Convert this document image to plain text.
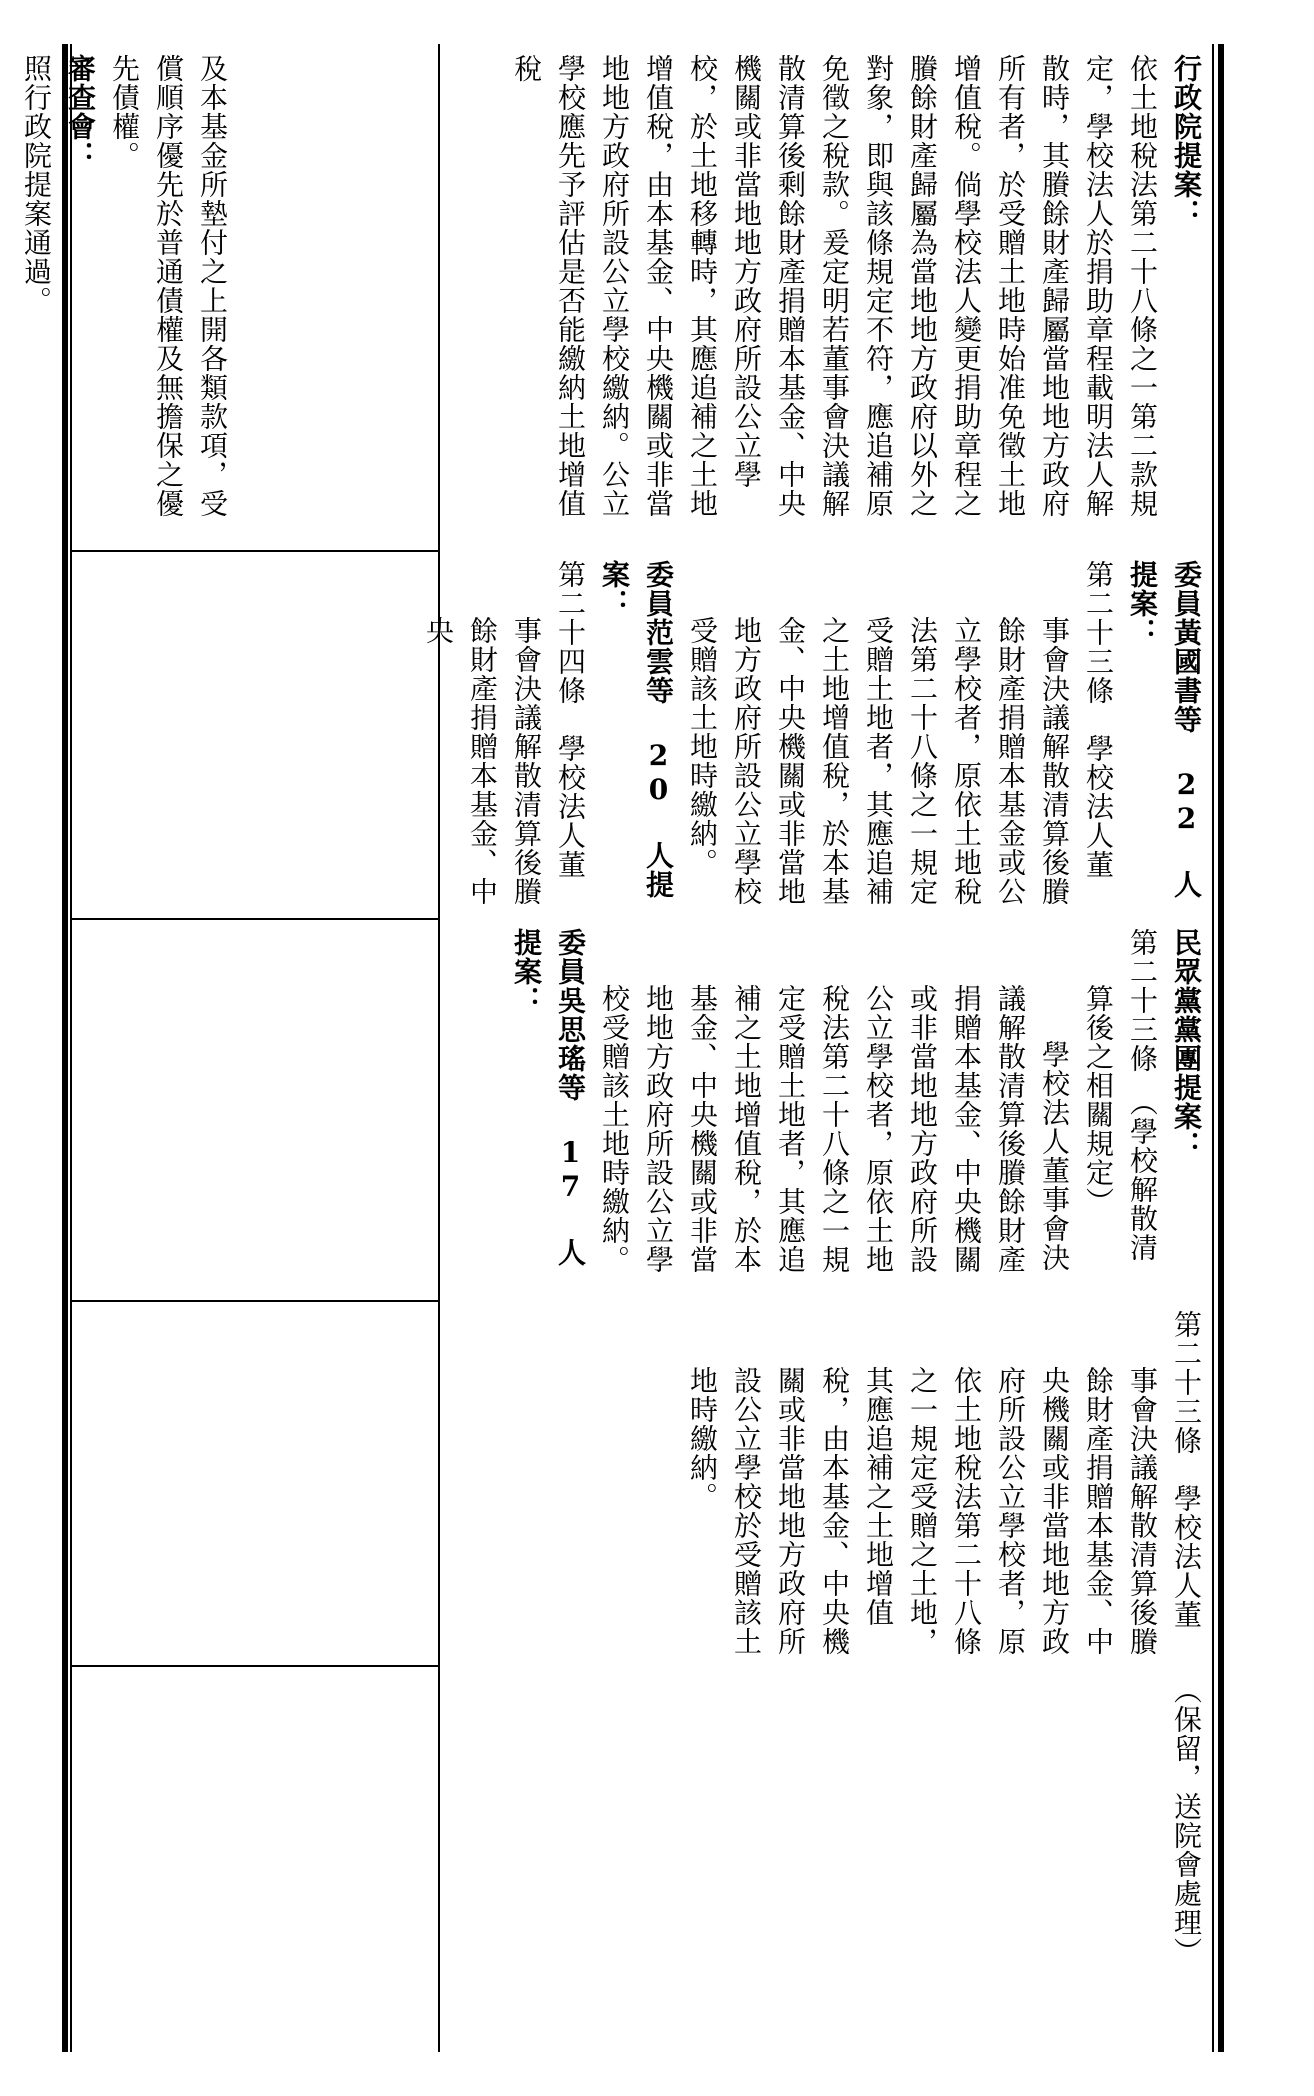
及本基金所墊付之上開各類款項，受償順序優先於普通債權及無擔保之優先債權。

審查會：

照行政院提案通過。	行政院提案：

依土地稅法第二十八條之一第二款規定，學校法人於捐助章程載明法人解散時，其賸餘財產歸屬當地地方政府所有者，於受贈土地時始准免徵土地增值稅。倘學校法人變更捐助章程之賸餘財產歸屬為當地地方政府以外之對象，即與該條規定不符，應追補原免徵之稅款。爰定明若董事會決議解散清算後剩餘財產捐贈本基金、中央機關或非當地地方政府所設公立學校，於土地移轉時，其應追補之土地增值稅，由本基金、中央機關或非當地地方政府所設公立學校繳納。公立學校應先予評估是否能繳納土地增值稅

委員黃國書等 22 人提案：

第二十三條　學校法人董

事會決議解散清算後賸餘財產捐贈本基金或公立學校者，原依土地稅法第二十八條之一規定受贈土地者，其應追補之土地增值稅，於本基金、中央機關或非當地地方政府所設公立學校受贈該土地時繳納。

委員范雲等 20 人提案：

第二十四條　學校法人董

事會決議解散清算後賸餘財產捐贈本基金、中央

民眾黨黨團提案：

第二十三條　（學校解散清

算後之相關規定）

學校法人董事會決

議解散清算後賸餘財產捐贈本基金、中央機關或非當地地方政府所設公立學校者，原依土地稅法第二十八條之一規定受贈土地者，其應追補之土地增值稅，於本基金、中央機關或非當地地方政府所設公立學校受贈該土地時繳納。

委員吳思瑤等 17 人提案：

第二十三條　學校法人董

事會決議解散清算後賸餘財產捐贈本基金、中央機關或非當地地方政府所設公立學校者，原依土地稅法第二十八條之一規定受贈之土地，其應追補之土地增值稅，由本基金、中央機關或非當地地方政府所設公立學校於受贈該土地時繳納。

（保留，送院會處理）
